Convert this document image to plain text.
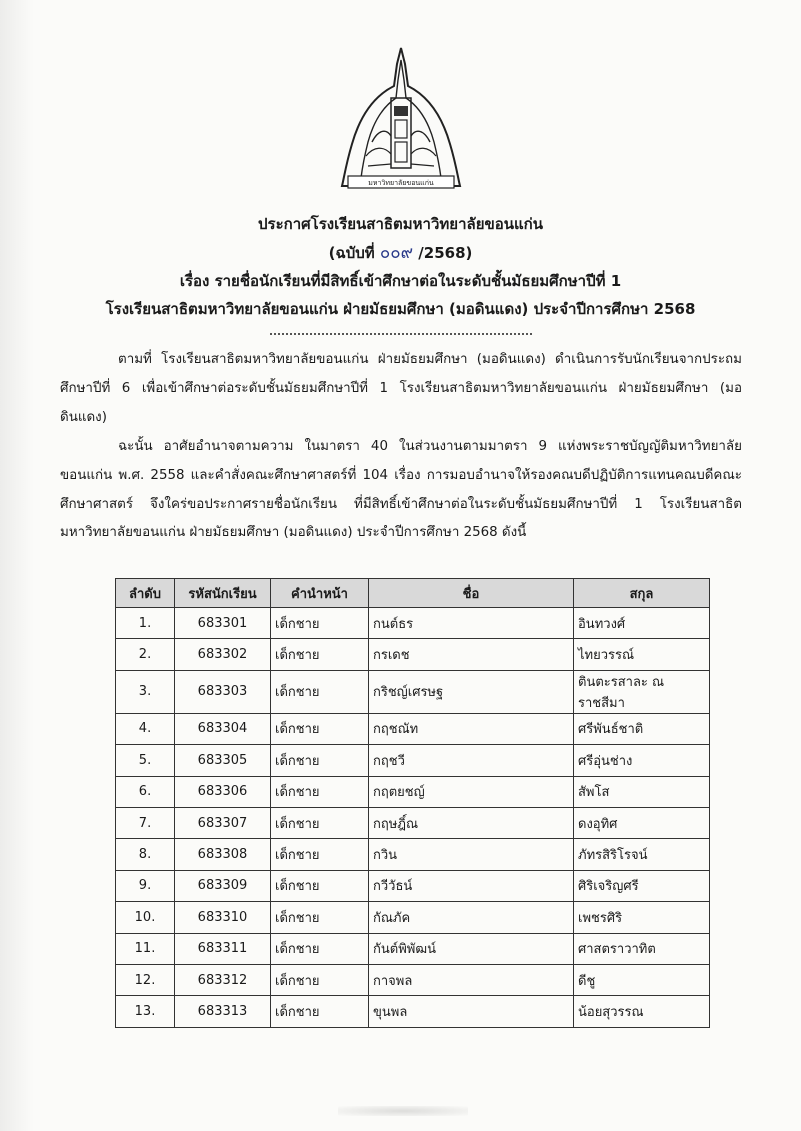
มหาวิทยาลัยขอนแก่น
ประกาศโรงเรียนสาธิตมหาวิทยาลัยขอนแก่น
(ฉบับที่ ๐๐๙ /2568)
เรื่อง รายชื่อนักเรียนที่มีสิทธิ์เข้าศึกษาต่อในระดับชั้นมัธยมศึกษาปีที่ 1
โรงเรียนสาธิตมหาวิทยาลัยขอนแก่น ฝ่ายมัธยมศึกษา (มอดินแดง) ประจำปีการศึกษา 2568
ตามที่ โรงเรียนสาธิตมหาวิทยาลัยขอนแก่น ฝ่ายมัธยมศึกษา (มอดินแดง) ดำเนินการรับนักเรียนจากประถมศึกษาปีที่ 6 เพื่อเข้าศึกษาต่อระดับชั้นมัธยมศึกษาปีที่ 1 โรงเรียนสาธิตมหาวิทยาลัยขอนแก่น ฝ่ายมัธยมศึกษา (มอดินแดง)
ฉะนั้น อาศัยอำนาจตามความ ในมาตรา 40 ในส่วนงานตามมาตรา 9 แห่งพระราชบัญญัติมหาวิทยาลัยขอนแก่น พ.ศ. 2558 และคำสั่งคณะศึกษาศาสตร์ที่ 104 เรื่อง การมอบอำนาจให้รองคณบดีปฏิบัติการแทนคณบดีคณะศึกษาศาสตร์ จึงใคร่ขอประกาศรายชื่อนักเรียน ที่มีสิทธิ์เข้าศึกษาต่อในระดับชั้นมัธยมศึกษาปีที่ 1 โรงเรียนสาธิตมหาวิทยาลัยขอนแก่น ฝ่ายมัธยมศึกษา (มอดินแดง) ประจำปีการศึกษา 2568 ดังนี้
ลำดับ	รหัสนักเรียน	คำนำหน้า	ชื่อ	สกุล
1.	683301	เด็กชาย	กนต์ธร	อินทวงศ์
2.	683302	เด็กชาย	กรเดช	ไทยวรรณ์
3.	683303	เด็กชาย	กริชญ์เศรษฐ	ตินตะรสาละ ณ ราชสีมา
4.	683304	เด็กชาย	กฤชณัท	ศรีพันธ์ชาติ
5.	683305	เด็กชาย	กฤชวี	ศรีอุ่นช่าง
6.	683306	เด็กชาย	กฤตยชญ์	สัพโส
7.	683307	เด็กชาย	กฤษฎิ์ณ	ดงอุทิศ
8.	683308	เด็กชาย	กวิน	ภัทรสิริโรจน์
9.	683309	เด็กชาย	กวีวัธน์	ศิริเจริญศรี
10.	683310	เด็กชาย	กัณภัค	เพชรศิริ
11.	683311	เด็กชาย	กันต์พิพัฒน์	ศาสตราวาทิต
12.	683312	เด็กชาย	กาจพล	ดีชู
13.	683313	เด็กชาย	ขุนพล	น้อยสุวรรณ
